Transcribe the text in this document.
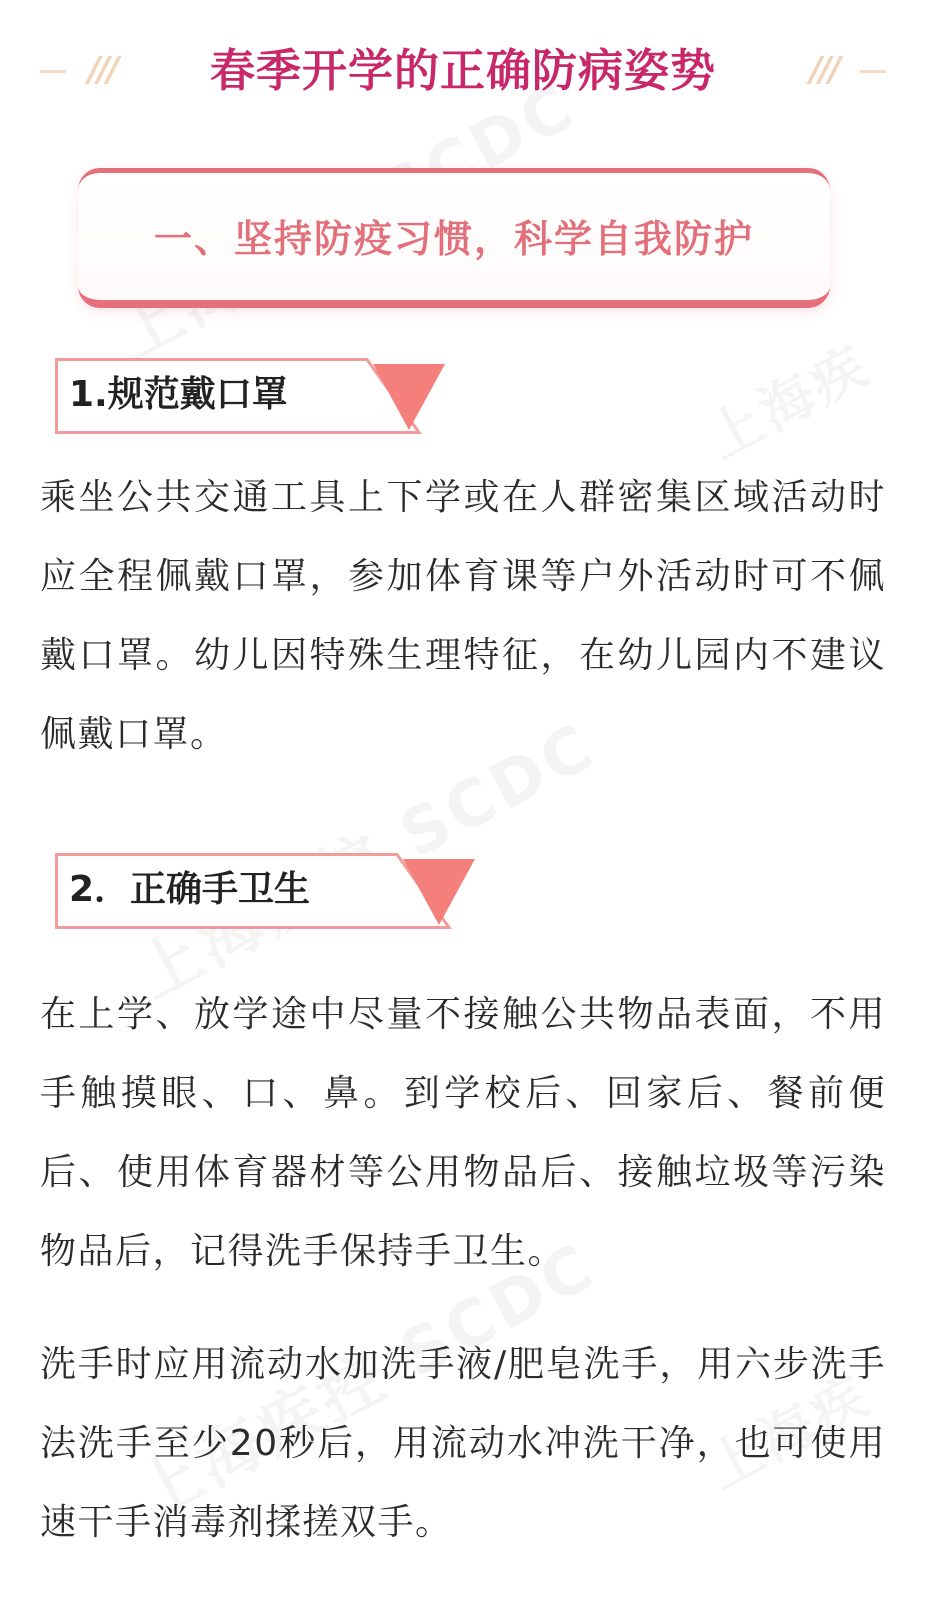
///	春季开学的正确防病姿势	///
一、坚持防疫习惯，科学自我防护
1.规范戴口罩

乘坐公共交通工具上下学或在人群密集区域活动时应全程佩戴口罩，参加体育课等户外活动时可不佩戴口罩。幼儿因特殊生理特征，在幼儿园内不建议佩戴口罩。

2．正确手卫生

在上学、放学途中尽量不接触公共物品表面，不用手触摸眼、口、鼻。到学校后、回家后、餐前便后、使用体育器材等公用物品后、接触垃圾等污染物品后，记得洗手保持手卫生。

洗手时应用流动水加洗手液/肥皂洗手，用六步洗手法洗手至少20秒后，用流动水冲洗干净，也可使用速干手消毒剂揉搓双手。
